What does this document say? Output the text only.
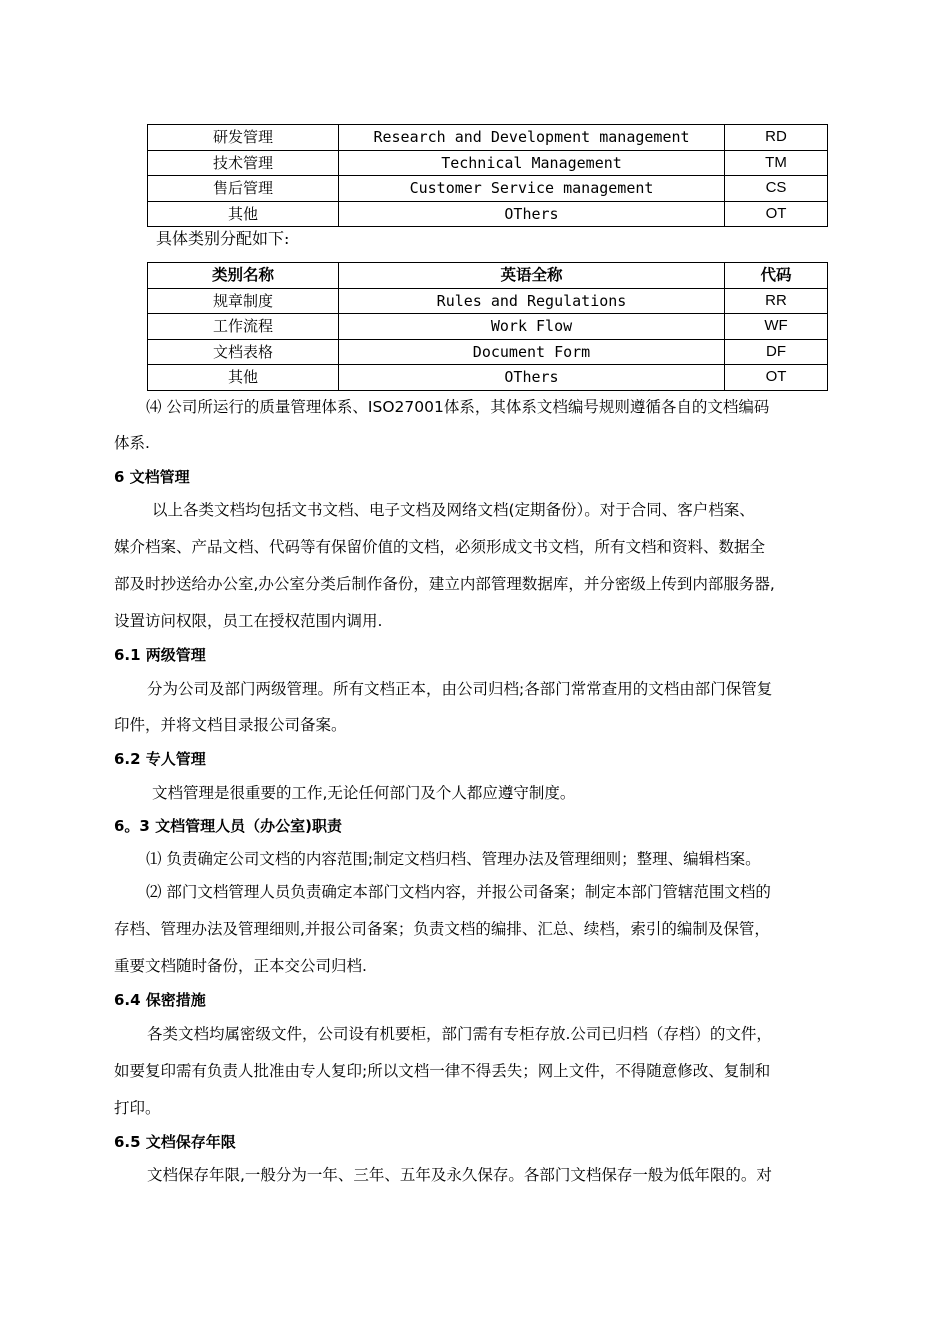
研发管理	Research and Development management	RD
技术管理	Technical Management	TM
售后管理	Customer Service management	CS
其他	OThers	OT
具体类别分配如下:
类别名称	英语全称	代码
规章制度	Rules and Regulations	RR
工作流程	Work Flow	WF
文档表格	Document Form	DF
其他	OThers	OT
⑷ 公司所运行的质量管理体系、ISO27001体系，其体系文档编号规则遵循各自的文档编码
体系.
6 文档管理
以上各类文档均包括文书文档、电子文档及网络文档(定期备份）。对于合同、客户档案、
媒介档案、产品文档、代码等有保留价值的文档，必须形成文书文档，所有文档和资料、数据全
部及时抄送给办公室,办公室分类后制作备份，建立内部管理数据库，并分密级上传到内部服务器,
设置访问权限，员工在授权范围内调用.
6.1 两级管理
分为公司及部门两级管理。所有文档正本，由公司归档;各部门常常查用的文档由部门保管复
印件，并将文档目录报公司备案。
6.2 专人管理
文档管理是很重要的工作,无论任何部门及个人都应遵守制度。
6。3 文档管理人员（办公室)职责
⑴ 负责确定公司文档的内容范围;制定文档归档、管理办法及管理细则；整理、编辑档案。
⑵ 部门文档管理人员负责确定本部门文档内容，并报公司备案；制定本部门管辖范围文档的
存档、管理办法及管理细则,并报公司备案；负责文档的编排、汇总、续档，索引的编制及保管，
重要文档随时备份，正本交公司归档.
6.4 保密措施
各类文档均属密级文件，公司设有机要柜，部门需有专柜存放.公司已归档（存档）的文件，
如要复印需有负责人批准由专人复印;所以文档一律不得丢失；网上文件，不得随意修改、复制和
打印。
6.5 文档保存年限
文档保存年限,一般分为一年、三年、五年及永久保存。各部门文档保存一般为低年限的。对
